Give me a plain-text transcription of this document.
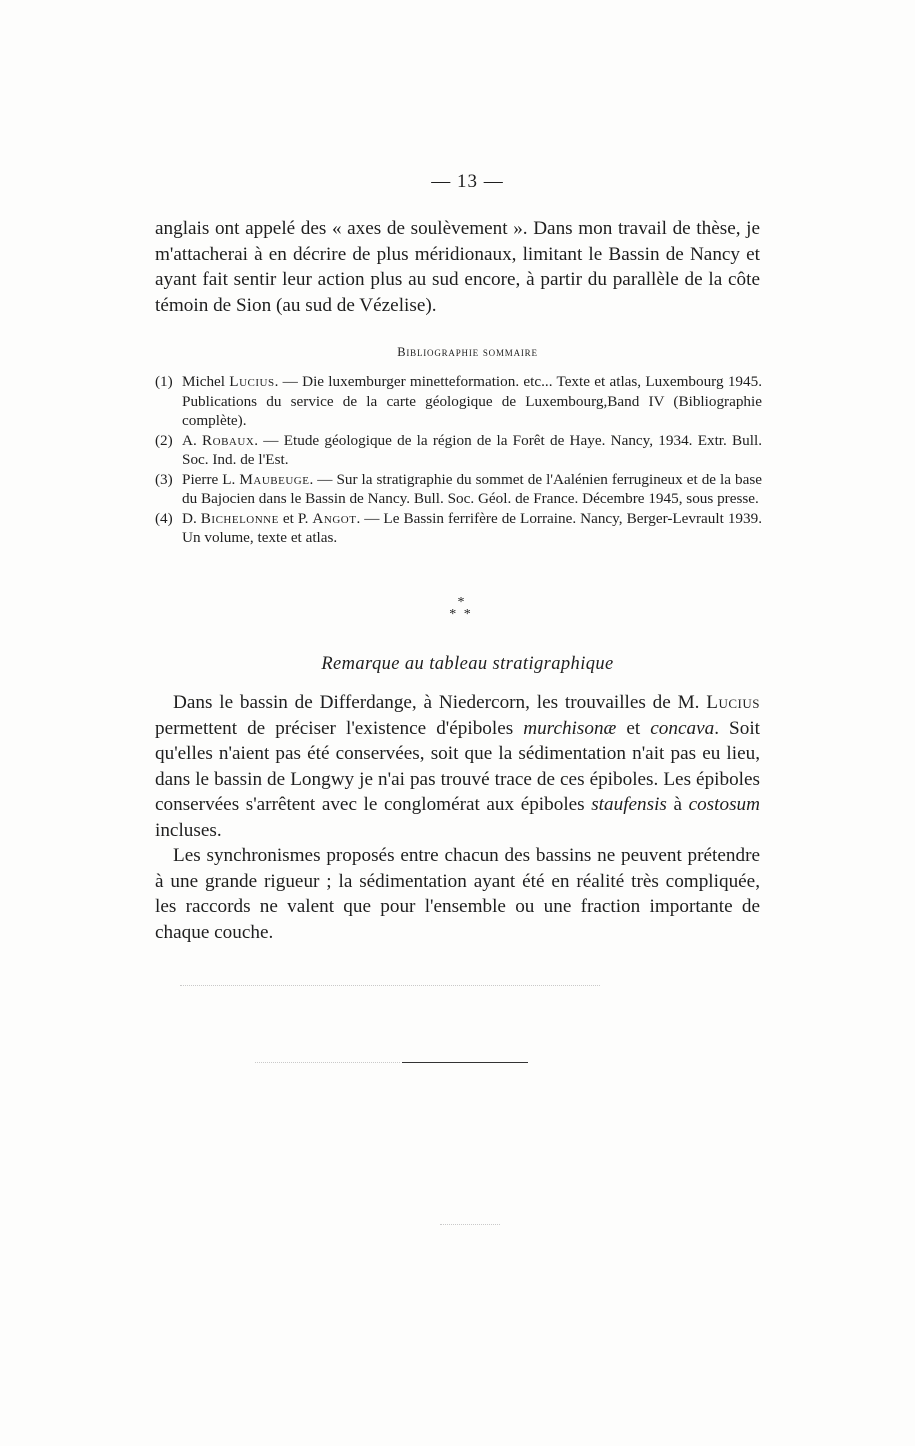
— 13 —

anglais ont appelé des « axes de soulèvement ». Dans mon travail de thèse, je m'attacherai à en décrire de plus méridionaux, limitant le Bassin de Nancy et ayant fait sentir leur action plus au sud encore, à partir du parallèle de la côte témoin de Sion (au sud de Vézelise).

Bibliographie sommaire
(1) Michel Lucius. — Die luxemburger minetteformation. etc... Texte et atlas, Luxembourg 1945. Publications du service de la carte géologique de Luxembourg,Band IV (Bibliographie complète).
(2) A. Robaux. — Etude géologique de la région de la Forêt de Haye. Nancy, 1934. Extr. Bull. Soc. Ind. de l'Est.
(3) Pierre L. Maubeuge. — Sur la stratigraphie du sommet de l'Aalénien ferrugineux et de la base du Bajocien dans le Bassin de Nancy. Bull. Soc. Géol. de France. Décembre 1945, sous presse.
(4) D. Bichelonne et P. Angot. — Le Bassin ferrifère de Lorraine. Nancy, Berger-Levrault 1939. Un volume, texte et atlas.
*
* *
Remarque au tableau stratigraphique

Dans le bassin de Differdange, à Niedercorn, les trouvailles de M. Lucius permettent de préciser l'existence d'épiboles murchisonæ et concava. Soit qu'elles n'aient pas été conservées, soit que la sédimentation n'ait pas eu lieu, dans le bassin de Longwy je n'ai pas trouvé trace de ces épiboles. Les épiboles conservées s'arrêtent avec le conglomérat aux épiboles staufensis à costosum incluses.

Les synchronismes proposés entre chacun des bassins ne peuvent prétendre à une grande rigueur ; la sédimentation ayant été en réalité très compliquée, les raccords ne valent que pour l'ensemble ou une fraction importante de chaque couche.
